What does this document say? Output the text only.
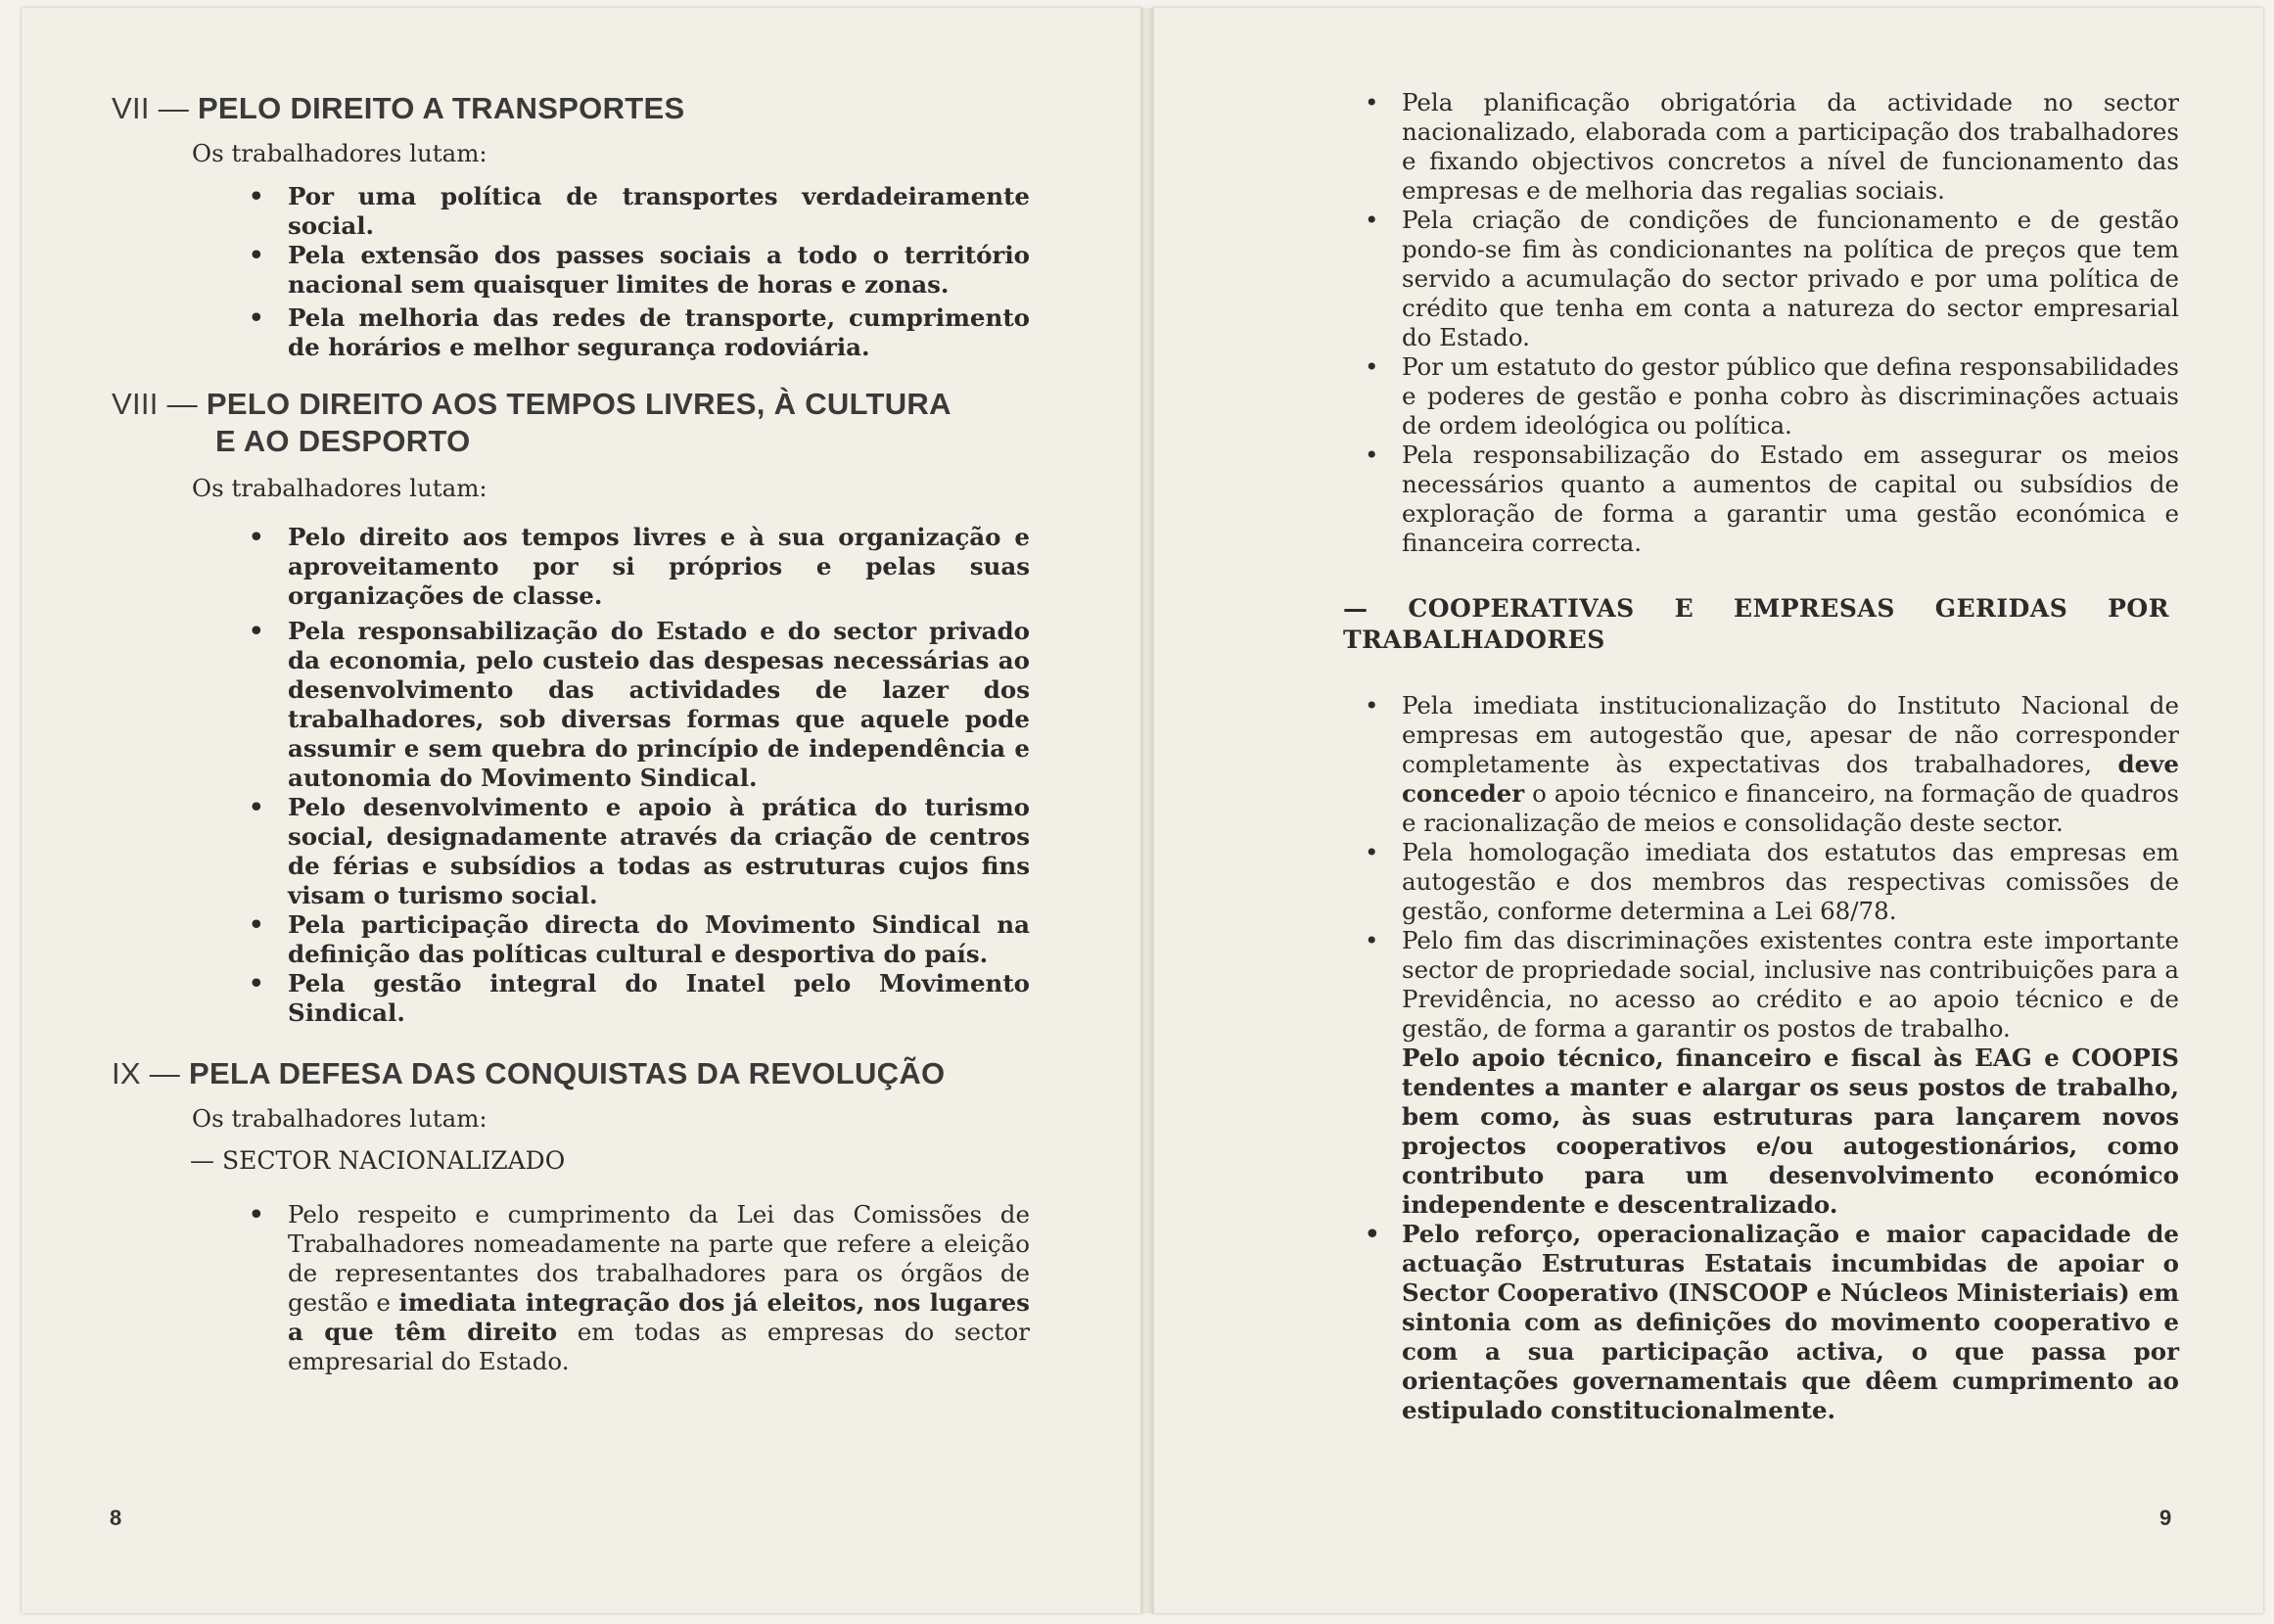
VII — PELO DIREITO A TRANSPORTES
Os trabalhadores lutam:
• Por uma política de transportes verdadeiramente social.
• Pela extensão dos passes sociais a todo o território nacional sem quaisquer limites de horas e zonas.
• Pela melhoria das redes de transporte, cumprimento de horários e melhor segurança rodoviária.
VIII — PELO DIREITO AOS TEMPOS LIVRES, À CULTURA
E AO DESPORTO
Os trabalhadores lutam:
• Pelo direito aos tempos livres e à sua organização e aproveitamento por si próprios e pelas suas organizações de classe.
• Pela responsabilização do Estado e do sector privado da economia, pelo custeio das despesas necessárias ao desenvolvimento das actividades de lazer dos trabalhadores, sob diversas formas que aquele pode assumir e sem quebra do princípio de independência e autonomia do Movimento Sindical.
• Pelo desenvolvimento e apoio à prática do turismo social, designadamente através da criação de centros de férias e subsídios a todas as estruturas cujos fins visam o turismo social.
• Pela participação directa do Movimento Sindical na definição das políticas cultural e desportiva do país.
• Pela gestão integral do Inatel pelo Movimento Sindical.
IX — PELA DEFESA DAS CONQUISTAS DA REVOLUÇÃO
Os trabalhadores lutam:
— SECTOR NACIONALIZADO
• Pelo respeito e cumprimento da Lei das Comissões de Trabalhadores nomeadamente na parte que refere a eleição de representantes dos trabalhadores para os órgãos de gestão e imediata integração dos já eleitos, nos lugares a que têm direito em todas as empresas do sector empresarial do Estado.
8
• Pela planificação obrigatória da actividade no sector nacionalizado, elaborada com a participação dos trabalhadores e fixando objectivos concretos a nível de funcionamento das empresas e de melhoria das regalias sociais.
• Pela criação de condições de funcionamento e de gestão pondo-se fim às condicionantes na política de preços que tem servido a acumulação do sector privado e por uma política de crédito que tenha em conta a natureza do sector empresarial do Estado.
• Por um estatuto do gestor público que defina responsabilidades e poderes de gestão e ponha cobro às discriminações actuais de ordem ideológica ou política.
• Pela responsabilização do Estado em assegurar os meios necessários quanto a aumentos de capital ou subsídios de exploração de forma a garantir uma gestão económica e financeira correcta.
— COOPERATIVAS E EMPRESAS GERIDAS POR TRABALHADORES
• Pela imediata institucionalização do Instituto Nacional de empresas em autogestão que, apesar de não corresponder completamente às expectativas dos trabalhadores, deve conceder o apoio técnico e financeiro, na formação de quadros e racionalização de meios e consolidação deste sector.
• Pela homologação imediata dos estatutos das empresas em autogestão e dos membros das respectivas comissões de gestão, conforme determina a Lei 68/78.
• Pelo fim das discriminações existentes contra este importante sector de propriedade social, inclusive nas contribuições para a Previdência, no acesso ao crédito e ao apoio técnico e de gestão, de forma a garantir os postos de trabalho.
Pelo apoio técnico, financeiro e fiscal às EAG e COOPIS tendentes a manter e alargar os seus postos de trabalho, bem como, às suas estruturas para lançarem novos projectos cooperativos e/ou autogestionários, como contributo para um desenvolvimento económico independente e descentralizado.
• Pelo reforço, operacionalização e maior capacidade de actuação Estruturas Estatais incumbidas de apoiar o Sector Cooperativo (INSCOOP e Núcleos Ministeriais) em sintonia com as definições do movimento cooperativo e com a sua participação activa, o que passa por orientações governamentais que dêem cumprimento ao estipulado constitucionalmente.
9
